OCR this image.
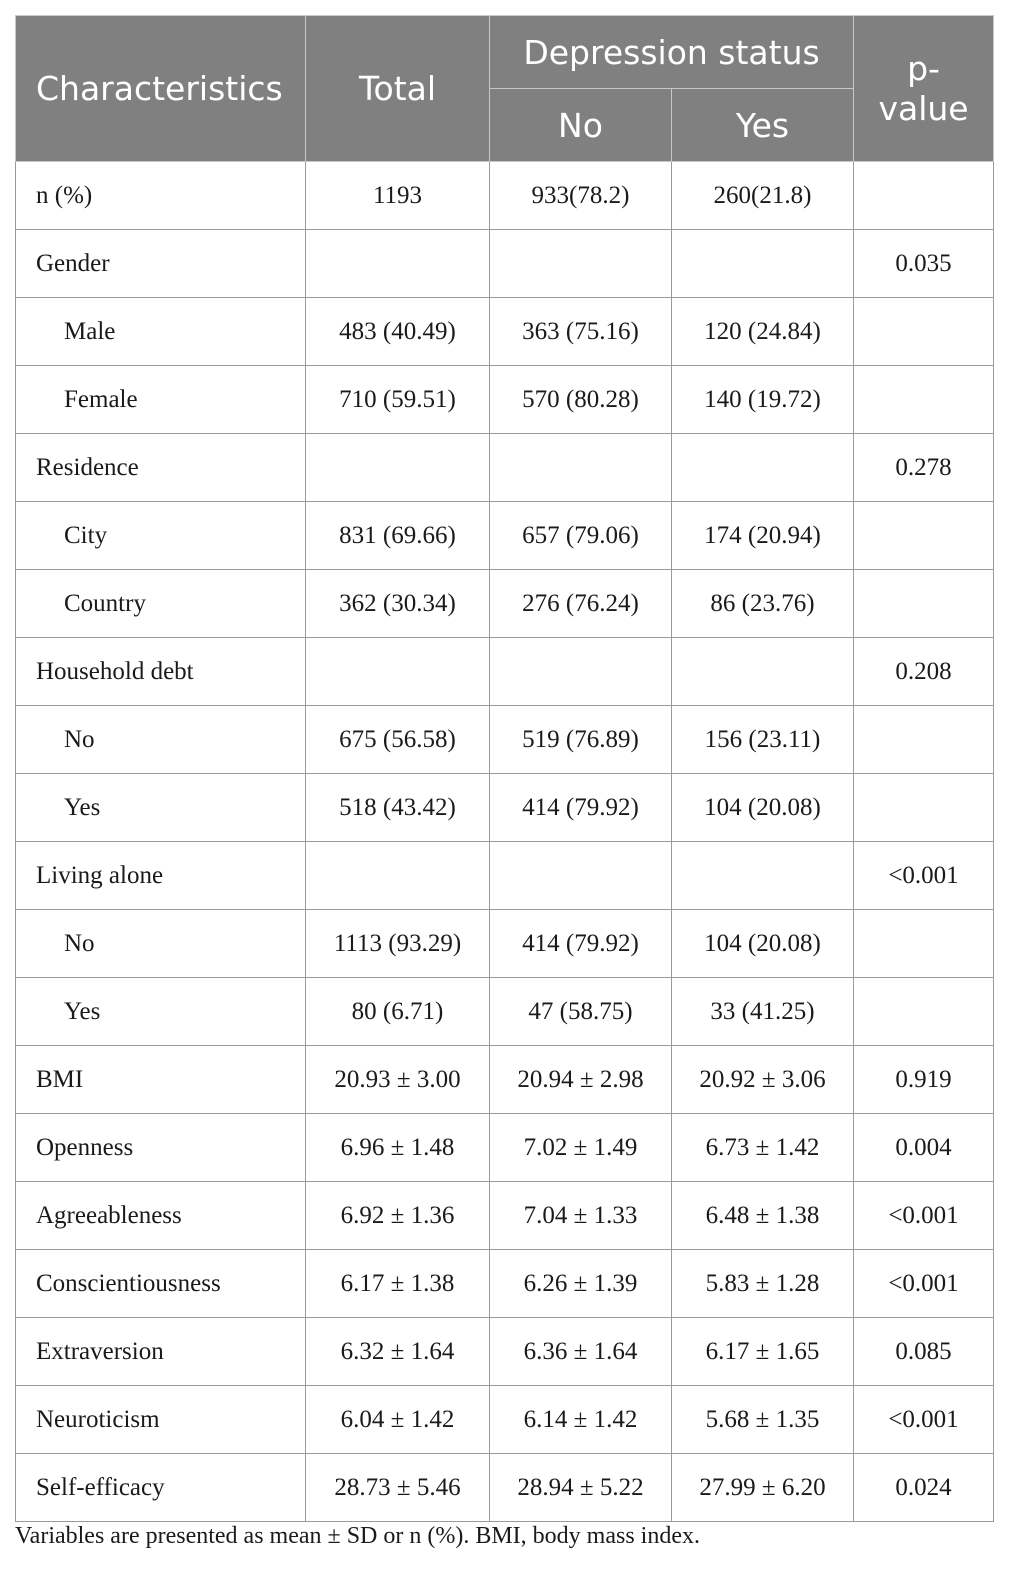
Characteristics	Total	Depression status		p-
value
		No	Yes	
n (%)	1193	933(78.2)	260(21.8)	
Gender				0.035
Male	483 (40.49)	363 (75.16)	120 (24.84)	
Female	710 (59.51)	570 (80.28)	140 (19.72)	
Residence				0.278
City	831 (69.66)	657 (79.06)	174 (20.94)	
Country	362 (30.34)	276 (76.24)	86 (23.76)	
Household debt				0.208
No	675 (56.58)	519 (76.89)	156 (23.11)	
Yes	518 (43.42)	414 (79.92)	104 (20.08)	
Living alone				<0.001
No	1113 (93.29)	414 (79.92)	104 (20.08)	
Yes	80 (6.71)	47 (58.75)	33 (41.25)	
BMI	20.93 ± 3.00	20.94 ± 2.98	20.92 ± 3.06	0.919
Openness	6.96 ± 1.48	7.02 ± 1.49	6.73 ± 1.42	0.004
Agreeableness	6.92 ± 1.36	7.04 ± 1.33	6.48 ± 1.38	<0.001
Conscientiousness	6.17 ± 1.38	6.26 ± 1.39	5.83 ± 1.28	<0.001
Extraversion	6.32 ± 1.64	6.36 ± 1.64	6.17 ± 1.65	0.085
Neuroticism	6.04 ± 1.42	6.14 ± 1.42	5.68 ± 1.35	<0.001
Self-efficacy	28.73 ± 5.46	28.94 ± 5.22	27.99 ± 6.20	0.024
Variables are presented as mean ± SD or n (%). BMI, body mass index.
